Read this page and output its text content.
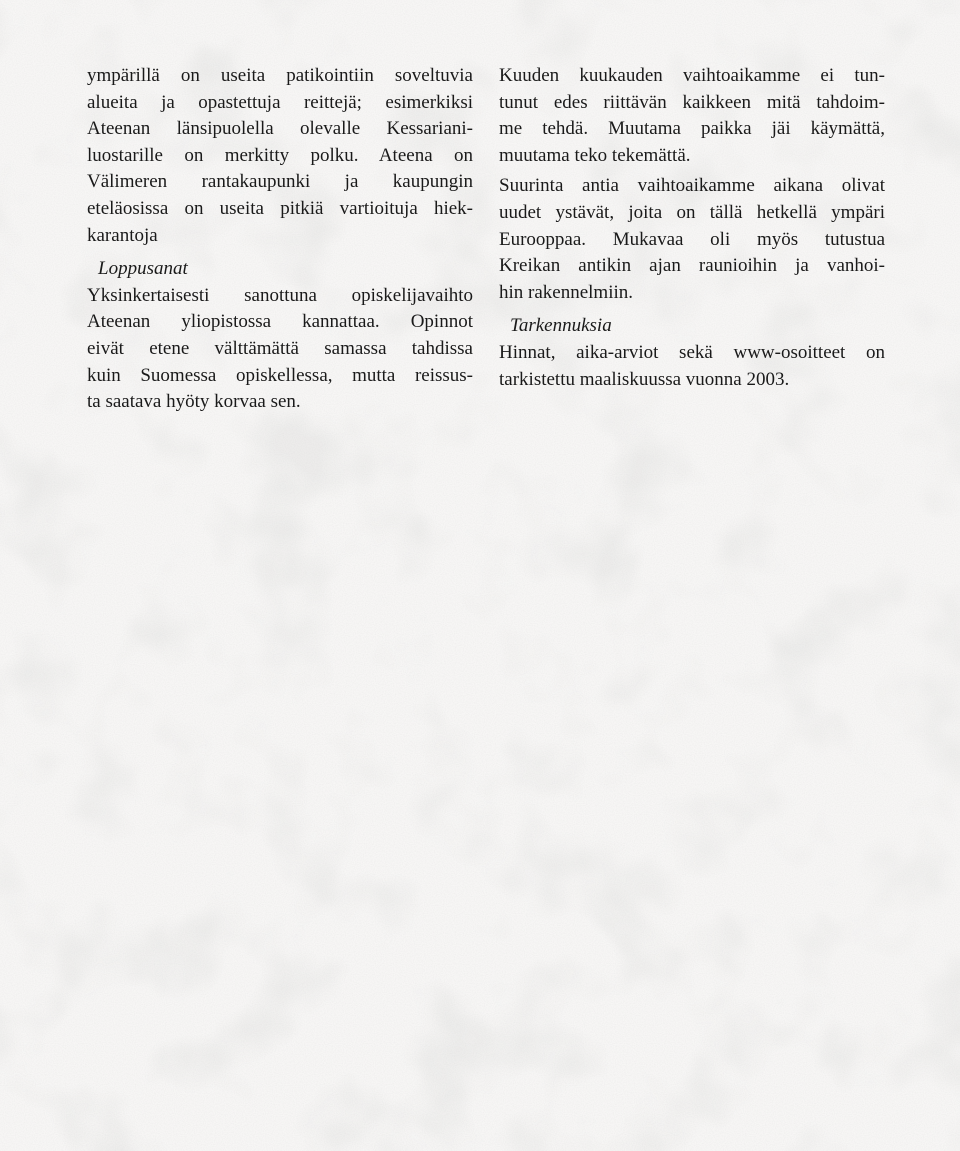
ympärillä on useita patikointiin soveltuvia
alueita ja opastettuja reittejä; esimerkiksi
Ateenan länsipuolella olevalle Kessariani-
luostarille on merkitty polku. Ateena on
Välimeren rantakaupunki ja kaupungin
eteläosissa on useita pitkiä vartioituja hiek-
karantoja
Loppusanat
Yksinkertaisesti sanottuna opiskelijavaihto
Ateenan yliopistossa kannattaa. Opinnot
eivät etene välttämättä samassa tahdissa
kuin Suomessa opiskellessa, mutta reissus-
ta saatava hyöty korvaa sen.
Kuuden kuukauden vaihtoaikamme ei tun-
tunut edes riittävän kaikkeen mitä tahdoim-
me tehdä. Muutama paikka jäi käymättä,
muutama teko tekemättä.
Suurinta antia vaihtoaikamme aikana olivat
uudet ystävät, joita on tällä hetkellä ympäri
Eurooppaa. Mukavaa oli myös tutustua
Kreikan antikin ajan raunioihin ja vanhoi-
hin rakennelmiin.
Tarkennuksia
Hinnat, aika-arviot sekä www-osoitteet on
tarkistettu maaliskuussa vuonna 2003.
